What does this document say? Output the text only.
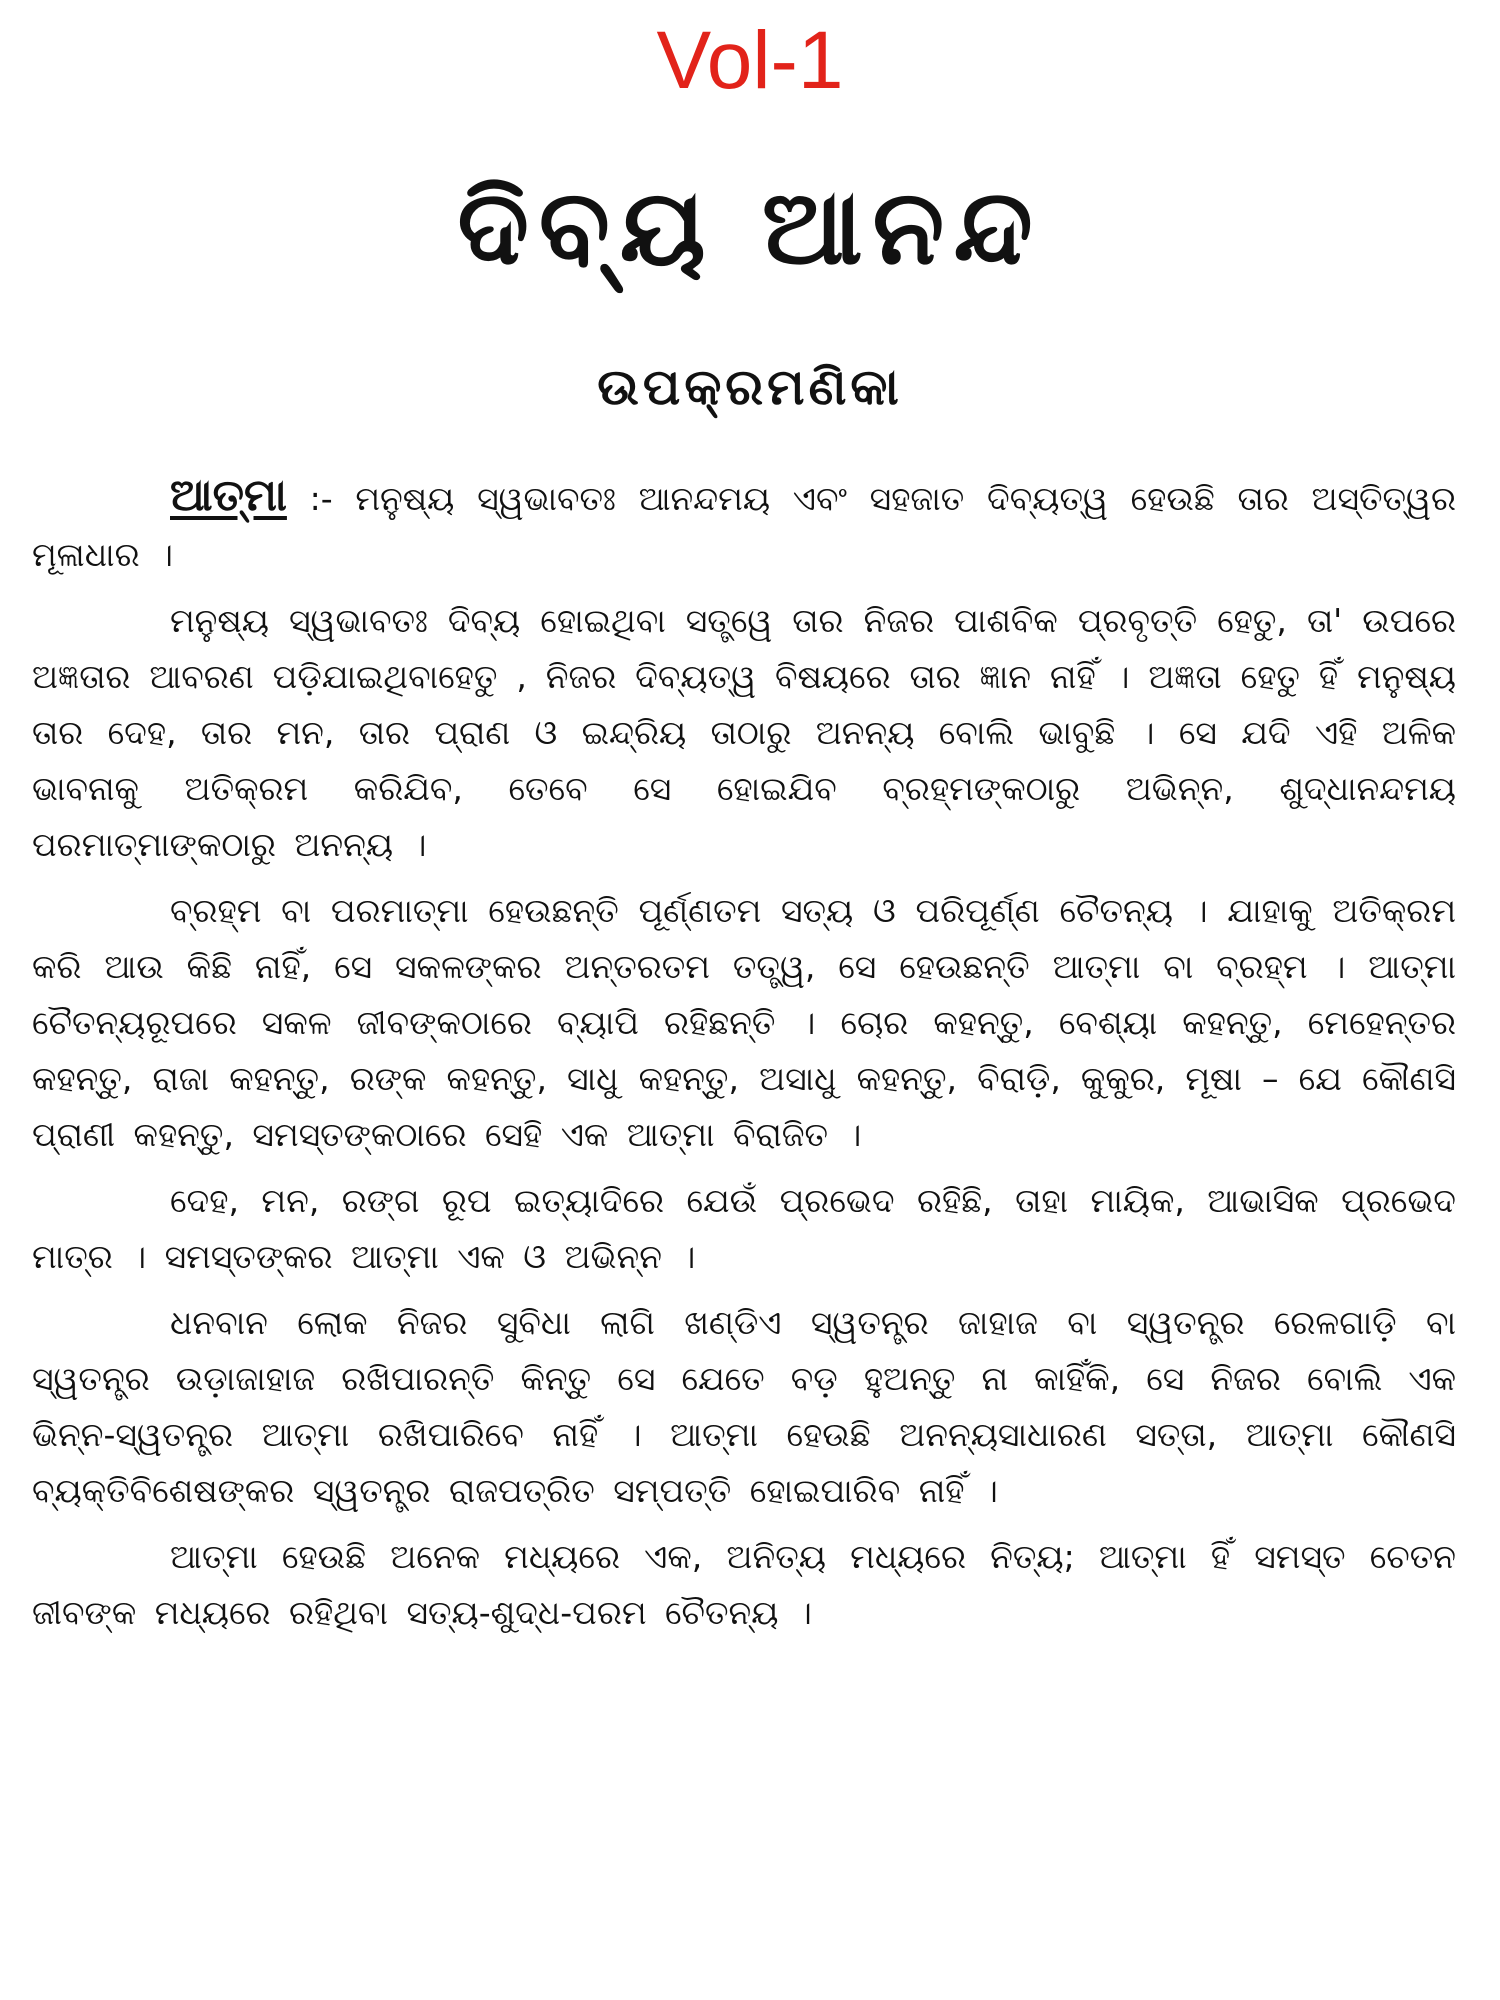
Vol-1
ଦିବ୍ୟ ଆନନ୍ଦ
ଉପକ୍ରମଣିକା

ଆତ୍ମା :- ମନୁଷ୍ୟ ସ୍ୱଭାବତଃ ଆନନ୍ଦମୟ ଏବଂ ସହଜାତ ଦିବ୍ୟତ୍ୱ ହେଉଛି ତାର ଅସ୍ତିତ୍ୱର ମୂଳାଧାର ।

ମନୁଷ୍ୟ ସ୍ୱଭାବତଃ ଦିବ୍ୟ ହୋଇଥିବା ସତ୍ତ୍ୱେ ତାର ନିଜର ପାଶବିକ ପ୍ରବୃତ୍ତି ହେତୁ, ତା' ଉପରେ ଅଜ୍ଞତାର ଆବରଣ ପଡ଼ିଯାଇଥିବାହେତୁ , ନିଜର ଦିବ୍ୟତ୍ୱ ବିଷୟରେ ତାର ଜ୍ଞାନ ନାହିଁ । ଅଜ୍ଞତା ହେତୁ ହିଁ ମନୁଷ୍ୟ ତାର ଦେହ, ତାର ମନ, ତାର ପ୍ରାଣ ଓ ଇନ୍ଦ୍ରିୟ ତାଠାରୁ ଅନନ୍ୟ ବୋଲି ଭାବୁଛି । ସେ ଯଦି ଏହି ଅଳିକ ଭାବନାକୁ ଅତିକ୍ରମ କରିଯିବ, ତେବେ ସେ ହୋଇଯିବ ବ୍ରହ୍ମଙ୍କଠାରୁ ଅଭିନ୍ନ, ଶୁଦ୍ଧାନନ୍ଦମୟ ପରମାତ୍ମାଙ୍କଠାରୁ ଅନନ୍ୟ ।

ବ୍ରହ୍ମ ବା ପରମାତ୍ମା ହେଉଛନ୍ତି ପୂର୍ଣ୍ଣତମ ସତ୍ୟ ଓ ପରିପୂର୍ଣ୍ଣ ଚୈତନ୍ୟ । ଯାହାକୁ ଅତିକ୍ରମ କରି ଆଉ କିଛି ନାହିଁ, ସେ ସକଳଙ୍କର ଅନ୍ତରତମ ତତ୍ତ୍ୱ, ସେ ହେଉଛନ୍ତି ଆତ୍ମା ବା ବ୍ରହ୍ମ । ଆତ୍ମା ଚୈତନ୍ୟରୂପରେ ସକଳ ଜୀବଙ୍କଠାରେ ବ୍ୟାପି ରହିଛନ୍ତି । ଚୋର କହନ୍ତୁ, ବେଶ୍ୟା କହନ୍ତୁ, ମେହେନ୍ତର କହନ୍ତୁ, ରାଜା କହନ୍ତୁ, ରଙ୍କ କହନ୍ତୁ, ସାଧୁ କହନ୍ତୁ, ଅସାଧୁ କହନ୍ତୁ, ବିରାଡ଼ି, କୁକୁର, ମୂଷା – ଯେ କୌଣସି ପ୍ରାଣୀ କହନ୍ତୁ, ସମସ୍ତଙ୍କଠାରେ ସେହି ଏକ ଆତ୍ମା ବିରାଜିତ ।

ଦେହ, ମନ, ରଙ୍ଗ ରୂପ ଇତ୍ୟାଦିରେ ଯେଉଁ ପ୍ରଭେଦ ରହିଛି, ତାହା ମାୟିକ, ଆଭାସିକ ପ୍ରଭେଦ ମାତ୍ର । ସମସ୍ତଙ୍କର ଆତ୍ମା ଏକ ଓ ଅଭିନ୍ନ ।

ଧନବାନ ଲୋକ ନିଜର ସୁବିଧା ଲାଗି ଖଣ୍ଡିଏ ସ୍ୱତନ୍ତ୍ର ଜାହାଜ ବା ସ୍ୱତନ୍ତ୍ର ରେଳଗାଡ଼ି ବା ସ୍ୱତନ୍ତ୍ର ଉଡ଼ାଜାହାଜ ରଖିପାରନ୍ତି କିନ୍ତୁ ସେ ଯେତେ ବଡ଼ ହୁଅନ୍ତୁ ନା କାହିଁକି, ସେ ନିଜର ବୋଲି ଏକ ଭିନ୍ନ-ସ୍ୱତନ୍ତ୍ର ଆତ୍ମା ରଖିପାରିବେ ନାହିଁ । ଆତ୍ମା ହେଉଛି ଅନନ୍ୟସାଧାରଣ ସତ୍ତା, ଆତ୍ମା କୌଣସି ବ୍ୟକ୍ତିବିଶେଷଙ୍କର ସ୍ୱତନ୍ତ୍ର ରାଜପତ୍ରିତ ସମ୍ପତ୍ତି ହୋଇପାରିବ ନାହିଁ ।

ଆତ୍ମା ହେଉଛି ଅନେକ ମଧ୍ୟରେ ଏକ, ଅନିତ୍ୟ ମଧ୍ୟରେ ନିତ୍ୟ; ଆତ୍ମା ହିଁ ସମସ୍ତ ଚେତନ ଜୀବଙ୍କ ମଧ୍ୟରେ ରହିଥିବା ସତ୍ୟ-ଶୁଦ୍ଧ-ପରମ ଚୈତନ୍ୟ ।
